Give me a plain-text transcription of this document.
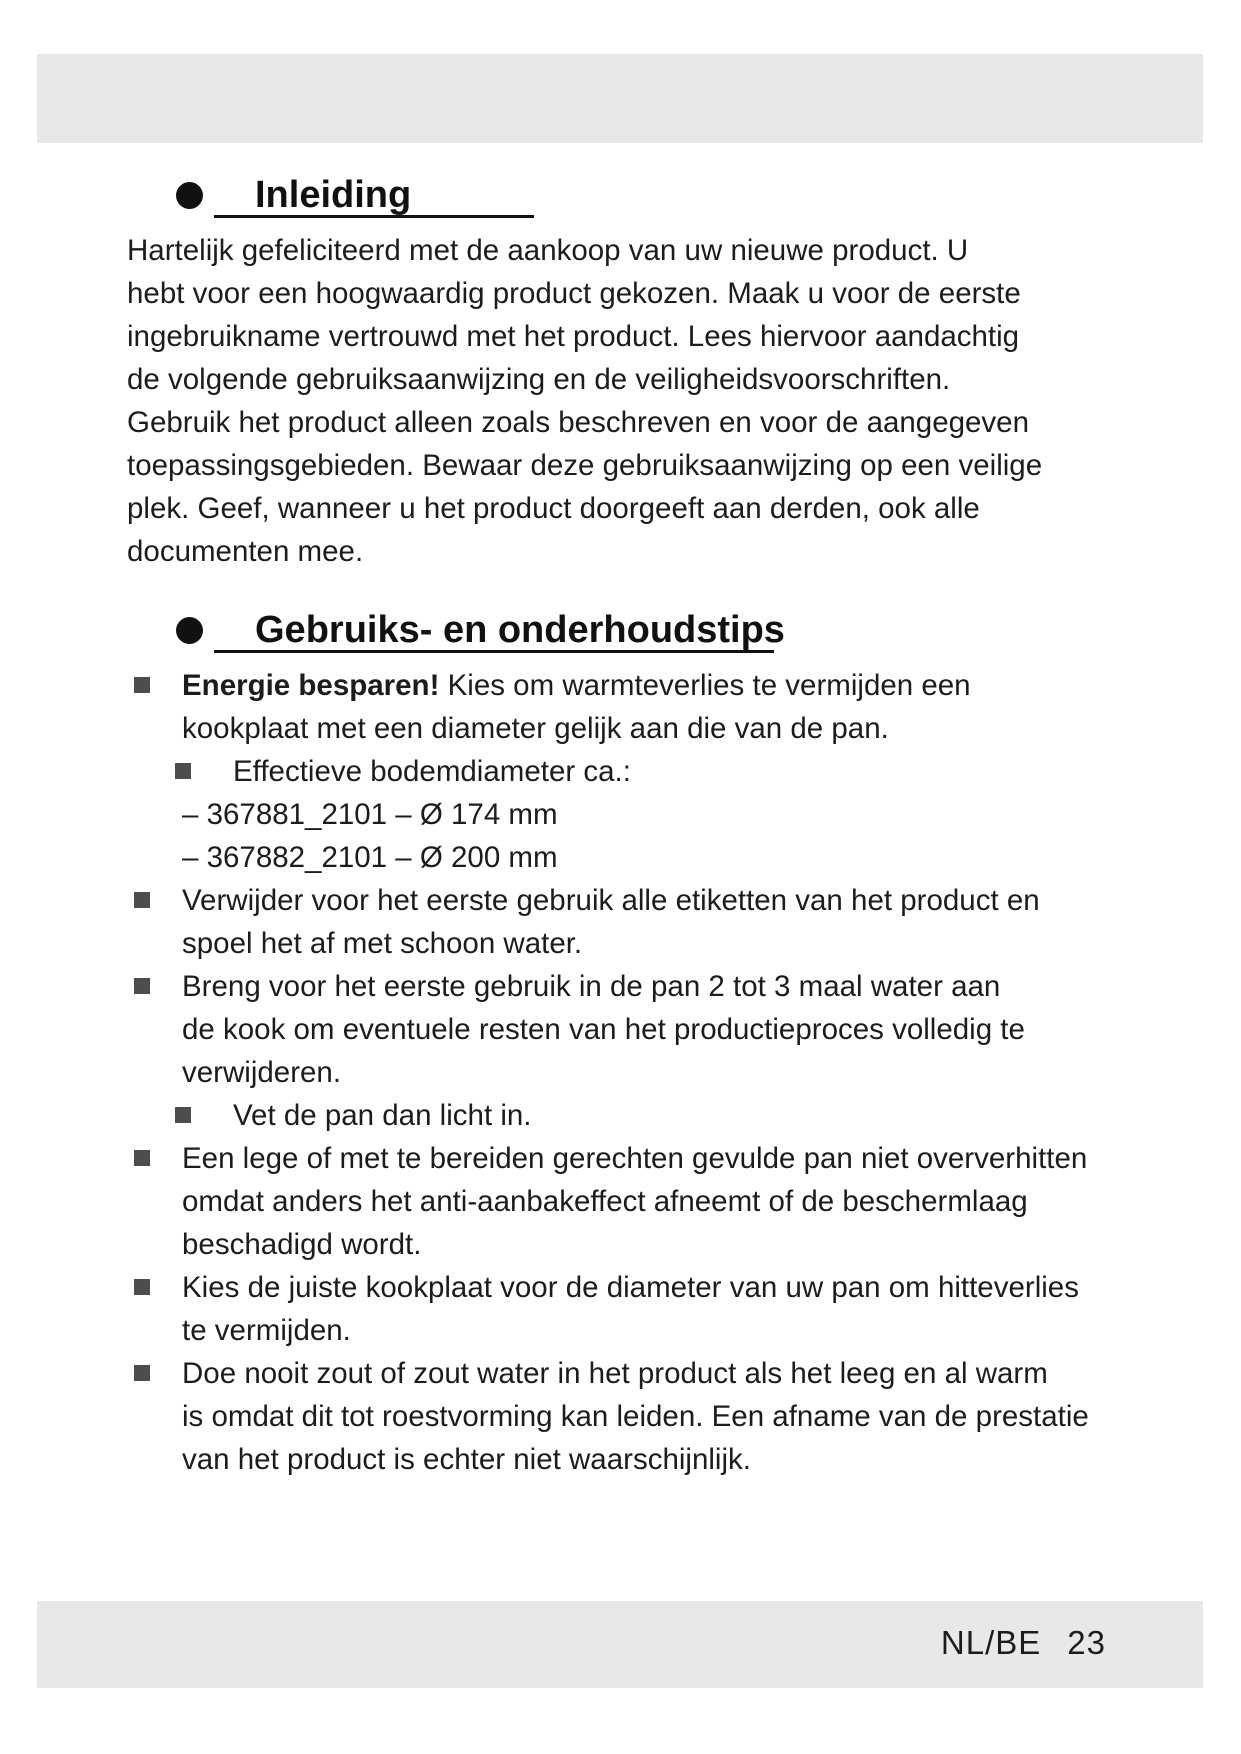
Inleiding

Hartelijk gefeliciteerd met de aankoop van uw nieuwe product. U
hebt voor een hoogwaardig product gekozen. Maak u voor de eerste
ingebruikname vertrouwd met het product. Lees hiervoor aandachtig
de volgende gebruiksaanwijzing en de veiligheidsvoorschriften.
Gebruik het product alleen zoals beschreven en voor de aangegeven
toepassingsgebieden. Bewaar deze gebruiksaanwijzing op een veilige
plek. Geef, wanneer u het product doorgeeft aan derden, ook alle
documenten mee.

Gebruiks- en onderhoudstips
Energie besparen! Kies om warmteverlies te vermijden een
kookplaat met een diameter gelijk aan die van de pan.
Effectieve bodemdiameter ca.:
– 367881_2101 – Ø 174 mm
– 367882_2101 – Ø 200 mm
Verwijder voor het eerste gebruik alle etiketten van het product en
spoel het af met schoon water.
Breng voor het eerste gebruik in de pan 2 tot 3 maal water aan
de kook om eventuele resten van het productieproces volledig te
verwijderen.
Vet de pan dan licht in.
Een lege of met te bereiden gerechten gevulde pan niet oververhitten
omdat anders het anti-aanbakeffect afneemt of de beschermlaag
beschadigd wordt.
Kies de juiste kookplaat voor de diameter van uw pan om hitteverlies
te vermijden.
Doe nooit zout of zout water in het product als het leeg en al warm
is omdat dit tot roestvorming kan leiden. Een afname van de prestatie
van het product is echter niet waarschijnlijk.
NL/BE 23
